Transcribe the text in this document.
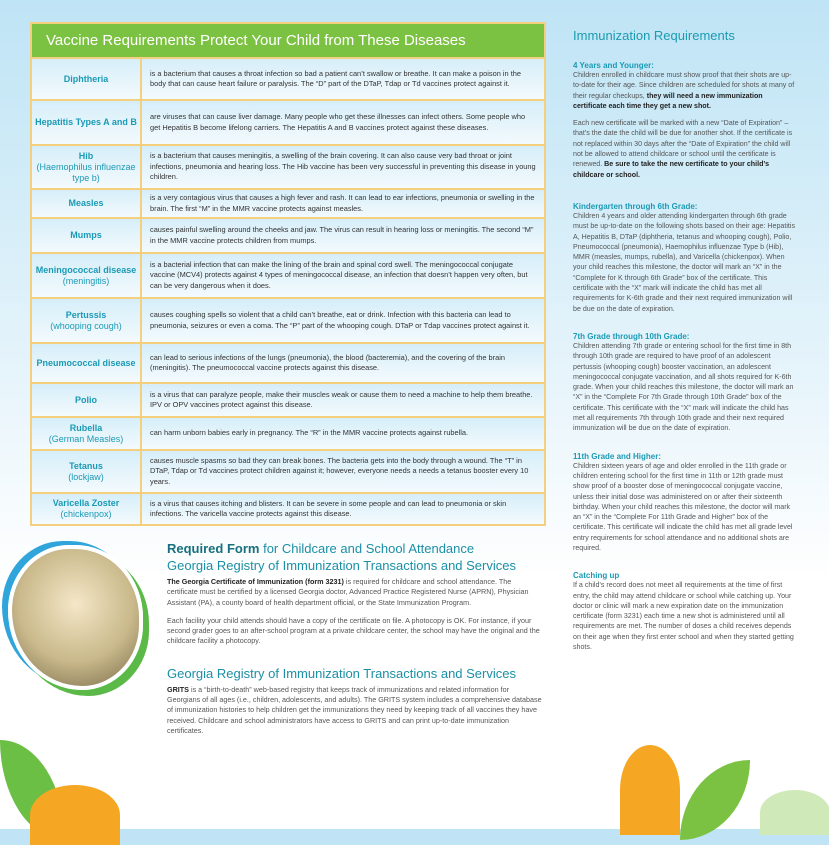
Vaccine Requirements Protect Your Child from These Diseases
Diphtheria
is a bacterium that causes a throat infection so bad a patient can’t swallow or breathe. It can make a poison in the body that can cause heart failure or paralysis. The “D” part of the DTaP, Tdap or Td vaccines protect against it.
Hepatitis Types A and B
are viruses that can cause liver damage. Many people who get these illnesses can infect others. Some people who get Hepatitis B become lifelong carriers. The Hepatitis A and B vaccines protect against these diseases.
Hib
(Haemophilus influenzae type b)
is a bacterium that causes meningitis, a swelling of the brain covering. It can also cause very bad throat or joint infections, pneumonia and hearing loss. The Hib vaccine has been very successful in preventing this disease in young children.
Measles
is a very contagious virus that causes a high fever and rash. It can lead to ear infections, pneumonia or swelling in the brain. The first “M” in the MMR vaccine protects against measles.
Mumps
causes painful swelling around the cheeks and jaw. The virus can result in hearing loss or meningitis. The second “M” in the MMR vaccine protects children from mumps.
Meningococcal disease
(meningitis)
is a bacterial infection that can make the lining of the brain and spinal cord swell. The meningococcal conjugate vaccine (MCV4) protects against 4 types of meningococcal disease, an infection that doesn’t happen very often, but can be very dangerous when it does.
Pertussis
(whooping cough)
causes coughing spells so violent that a child can’t breathe, eat or drink. Infection with this bacteria can lead to pneumonia, seizures or even a coma. The “P” part of the whooping cough. DTaP or Tdap vaccines protect against it.
Pneumococcal disease
can lead to serious infections of the lungs (pneumonia), the blood (bacteremia), and the covering of the brain (meningitis). The pneumococcal vaccine protects against this disease.
Polio
is a virus that can paralyze people, make their muscles weak or cause them to need a machine to help them breathe. IPV or OPV vaccines protect against this disease.
Rubella
(German Measles)
can harm unborn babies early in pregnancy. The “R” in the MMR vaccine protects against rubella.
Tetanus
(lockjaw)
causes muscle spasms so bad they can break bones. The bacteria gets into the body through a wound. The “T” in DTaP, Tdap or Td vaccines protect children against it; however, everyone needs a needs a tetanus booster every 10 years.
Varicella Zoster
(chickenpox)
is a virus that causes itching and blisters. It can be severe in some people and can lead to pneumonia or skin infections. The varicella vaccine protects against this disease.
Required Form for Childcare and School Attendance
Georgia Registry of Immunization Transactions and Services

The Georgia Certificate of Immunization (form 3231) is required for childcare and school attendance. The certificate must be certified by a licensed Georgia doctor, Advanced Practice Registered Nurse (APRN), Physician Assistant (PA), a county board of health department official, or the State Immunization Program.

Each facility your child attends should have a copy of the certificate on file. A photocopy is OK. For instance, if your second grader goes to an after-school program at a private childcare center, the school may have the original and the childcare facility a photocopy.

Georgia Registry of Immunization Transactions and Services

GRITS is a “birth-to-death” web-based registry that keeps track of immunizations and related information for Georgians of all ages (i.e., children, adolescents, and adults). The GRITS system includes a comprehensive database of immunization histories to help children get the immunizations they need by keeping track of all vaccines they have received. Childcare and school administrators have access to GRITS and can print up-to-date immunization certificates.

Immunization Requirements
4 Years and Younger:

Children enrolled in childcare must show proof that their shots are up-to-date for their age. Since children are scheduled for shots at many of their regular checkups, they will need a new immunization certificate each time they get a new shot.

Each new certificate will be marked with a new “Date of Expiration” – that’s the date the child will be due for another shot. If the certificate is not replaced within 30 days after the “Date of Expiration” the child will not be allowed to attend childcare or school until the certificate is renewed. Be sure to take the new certificate to your child’s childcare or school.

Kindergarten through 6th Grade:

Children 4 years and older attending kindergarten through 6th grade must be up-to-date on the following shots based on their age: Hepatitis A, Hepatitis B, DTaP (diphtheria, tetanus and whooping cough), Polio, Pneumococcal (pneumonia), Haemophilus influenzae Type b (Hib), MMR (measles, mumps, rubella), and Varicella (chickenpox). When your child reaches this milestone, the doctor will mark an “X” in the “Complete for K through 6th Grade” box of the certificate. This certificate with the “X” mark will indicate the child has met all requirements for K-6th grade and their next required immunization will be due on the date of expiration.

7th Grade through 10th Grade:

Children attending 7th grade or entering school for the first time in 8th through 10th grade are required to have proof of an adolescent pertussis (whooping cough) booster vaccination, an adolescent meningococcal conjugate vaccination, and all shots required for K-6th grade. When your child reaches this milestone, the doctor will mark an “X” in the “Complete For 7th Grade through 10th Grade” box of the certificate. This certificate with the “X” mark will indicate the child has met all requirements 7th through 10th grade and their next required immunization will be due on the date of expiration.

11th Grade and Higher:

Children sixteen years of age and older enrolled in the 11th grade or children entering school for the first time in 11th or 12th grade must show proof of a booster dose of meningococcal conjugate vaccine, unless their initial dose was administered on or after their sixteenth birthday. When your child reaches this milestone, the doctor will mark an “X” in the “Complete For 11th Grade and Higher” box of the certificate. This certificate will indicate the child has met all grade level entry requirements for school attendance and no additional shots are required.

Catching up

If a child’s record does not meet all requirements at the time of first entry, the child may attend childcare or school while catching up. Your doctor or clinic will mark a new expiration date on the immunization certificate (form 3231) each time a new shot is administered until all requirements are met. The number of doses a child receives depends on their age when they first enter school and when they started getting shots.
